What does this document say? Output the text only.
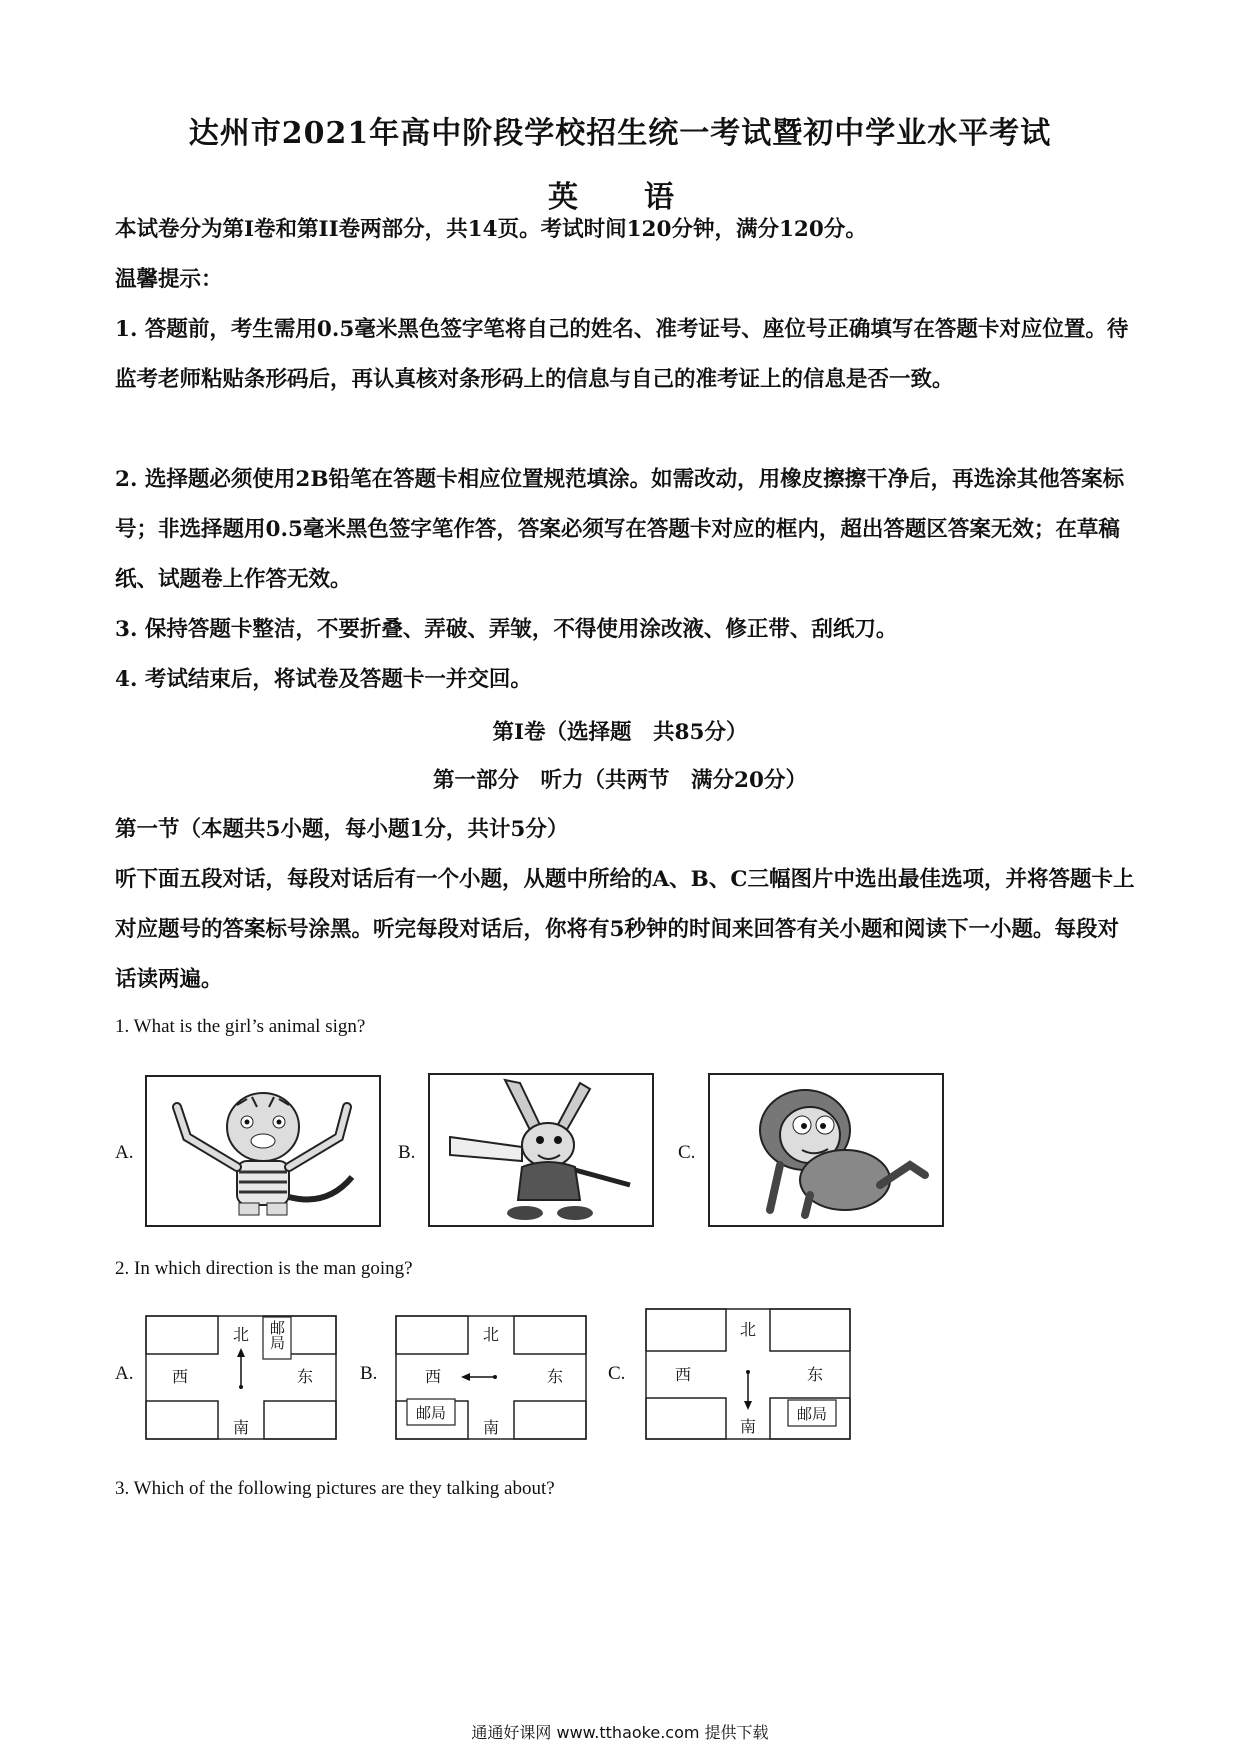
达州市2021年高中阶段学校招生统一考试暨初中学业水平考试
英　语
本试卷分为第I卷和第II卷两部分，共14页。考试时间120分钟，满分120分。
温馨提示：
1. 答题前，考生需用0.5毫米黑色签字笔将自己的姓名、准考证号、座位号正确填写在答题卡对应位置。待监考老师粘贴条形码后，再认真核对条形码上的信息与自己的准考证上的信息是否一致。
2. 选择题必须使用2B铅笔在答题卡相应位置规范填涂。如需改动，用橡皮擦擦干净后，再选涂其他答案标号；非选择题用0.5毫米黑色签字笔作答，答案必须写在答题卡对应的框内，超出答题区答案无效；在草稿纸、试题卷上作答无效。
3. 保持答题卡整洁，不要折叠、弄破、弄皱，不得使用涂改液、修正带、刮纸刀。
4. 考试结束后，将试卷及答题卡一并交回。
第I卷（选择题　共85分）
第一部分　听力（共两节　满分20分）
第一节（本题共5小题，每小题1分，共计5分）
听下面五段对话，每段对话后有一个小题，从题中所给的A、B、C三幅图片中选出最佳选项，并将答题卡上对应题号的答案标号涂黑。听完每段对话后，你将有5秒钟的时间来回答有关小题和阅读下一小题。每段对话读两遍。
1. What is the girl’s animal sign?
A.	B.	C.
2. In which direction is the man going?
A.
北
南
西	东
邮局
B.
北
南
西	东
邮局
C.
北
南
西	东
邮局
3. Which of the following pictures are they talking about?
通通好课网 www.tthaoke.com 提供下载
